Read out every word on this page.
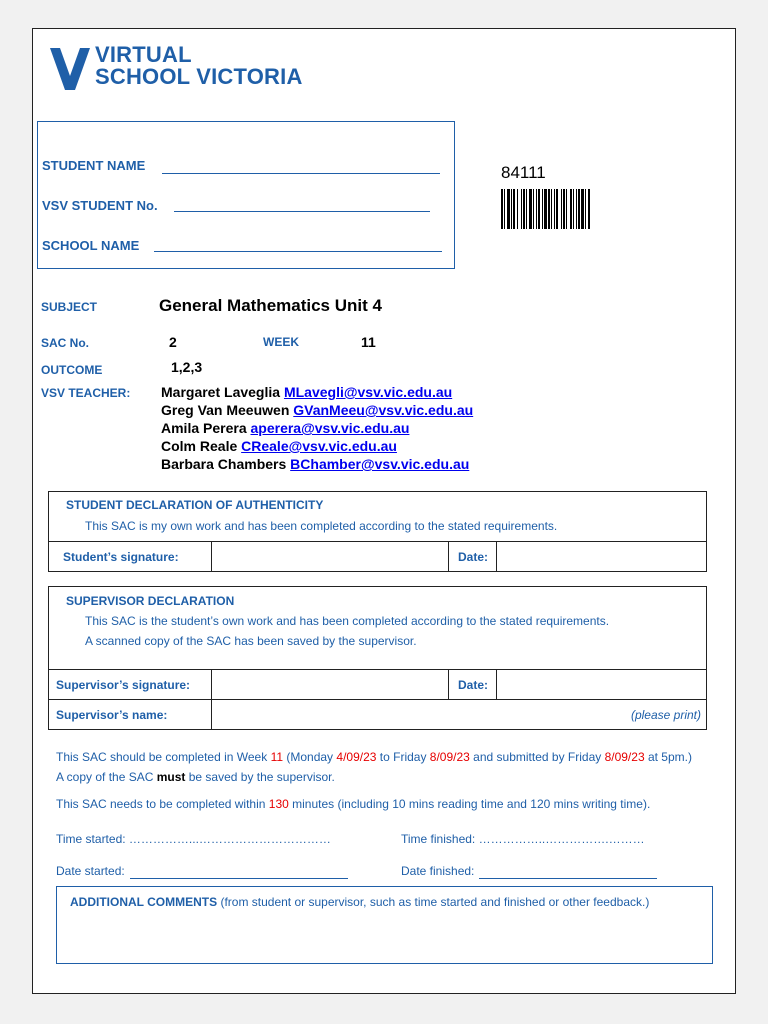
VIRTUAL
SCHOOL VICTORIA
STUDENT NAME
VSV STUDENT No.
SCHOOL NAME
84111
SUBJECT	General Mathematics Unit 4
SAC No.	2	WEEK	11
OUTCOME	1,2,3
VSV TEACHER: Margaret Laveglia MLavegli@vsv.vic.edu.au
Greg Van Meeuwen GVanMeeu@vsv.vic.edu.au
Amila Perera aperera@vsv.vic.edu.au
Colm Reale CReale@vsv.vic.edu.au
Barbara Chambers BChamber@vsv.vic.edu.au
STUDENT DECLARATION OF AUTHENTICITY
This SAC is my own work and has been completed according to the stated requirements.
Student’s signature:	Date:
SUPERVISOR DECLARATION
This SAC is the student’s own work and has been completed according to the stated requirements.
A scanned copy of the SAC has been saved by the supervisor.
Supervisor’s signature:	Date:
Supervisor’s name:	(please print)
This SAC should be completed in Week 11 (Monday 4/09/23 to Friday 8/09/23 and submitted by Friday 8/09/23 at 5pm.)
A copy of the SAC must be saved by the supervisor.
This SAC needs to be completed within 130 minutes (including 10 mins reading time and 120 mins writing time).
Time started: ……………...……………………………	Time finished: ……………..…………….………
Date started:	Date finished:
ADDITIONAL COMMENTS (from student or supervisor, such as time started and finished or other feedback.)
